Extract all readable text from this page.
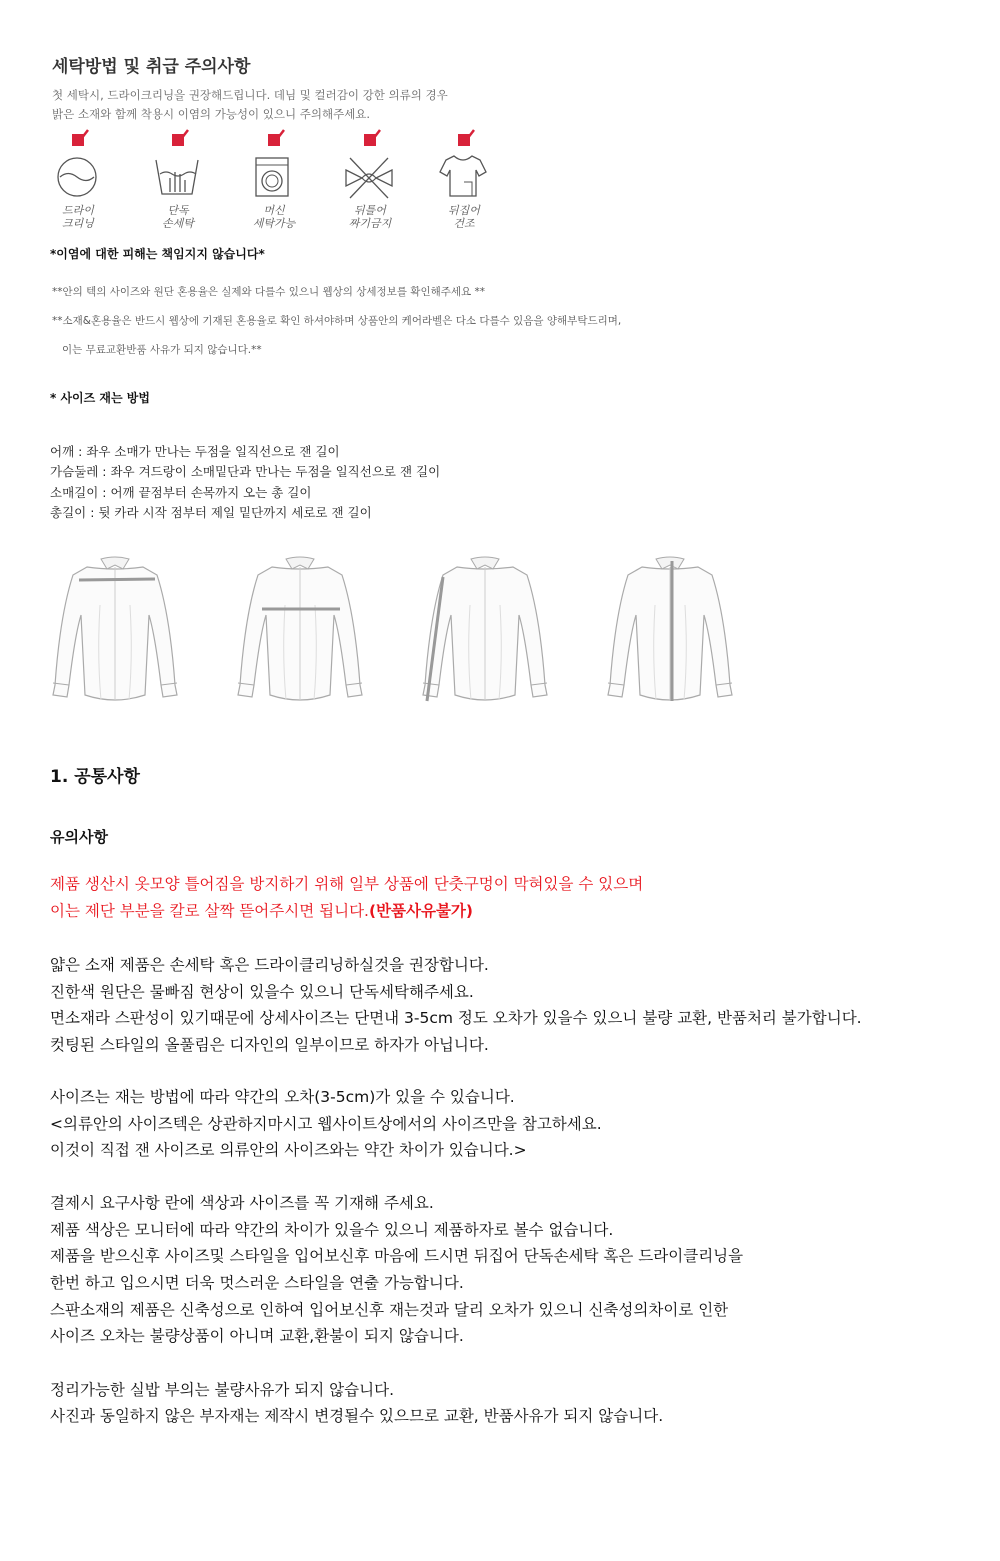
세탁방법 및 취급 주의사항
첫 세탁시, 드라이크리닝을 권장해드립니다. 데님 및 컬러감이 강한 의류의 경우
밝은 소재와 함께 착용시 이염의 가능성이 있으니 주의해주세요.
드라이
크리닝
단독
손세탁
머신
세탁가능
뒤틀어
짜기금지
뒤집어
건조
*이염에 대한 피해는 책임지지 않습니다*
**안의 텍의 사이즈와 원단 혼용율은 실제와 다를수 있으니 웹상의 상세정보를 확인해주세요 **
**소재&혼용율은 반드시 웹상에 기재된 혼용율로 확인 하셔야하며 상품안의 케어라벨은 다소 다를수 있음을 양해부탁드리며,
이는 무료교환반품 사유가 되지 않습니다.**
* 사이즈 재는 방법
어깨 : 좌우 소매가 만나는 두점을 일직선으로 잰 길이
가슴둘레 : 좌우 겨드랑이 소매밑단과 만나는 두점을 일직선으로 잰 길이
소매길이 : 어깨 끝점부터 손목까지 오는 총 길이
총길이 : 뒷 카라 시작 점부터 제일 밑단까지 세로로 잰 길이
1. 공통사항
유의사항
제품 생산시 옷모양 틀어짐을 방지하기 위해 일부 상품에 단춧구멍이 막혀있을 수 있으며
이는 제단 부분을 칼로 살짝 뜯어주시면 됩니다.(반품사유불가)
얇은 소재 제품은 손세탁 혹은 드라이클리닝하실것을 권장합니다.
진한색 원단은 물빠짐 현상이 있을수 있으니 단독세탁해주세요.
면소재라 스판성이 있기때문에 상세사이즈는 단면내 3-5cm 정도 오차가 있을수 있으니 불량 교환, 반품처리 불가합니다.
컷팅된 스타일의 올풀림은 디자인의 일부이므로 하자가 아닙니다.
사이즈는 재는 방법에 따라 약간의 오차(3-5cm)가 있을 수 있습니다.
<의류안의 사이즈텍은 상관하지마시고 웹사이트상에서의 사이즈만을 참고하세요.
이것이 직접 잰 사이즈로 의류안의 사이즈와는 약간 차이가 있습니다.>
결제시 요구사항 란에 색상과 사이즈를 꼭 기재해 주세요.
제품 색상은 모니터에 따라 약간의 차이가 있을수 있으니 제품하자로 볼수 없습니다.
제품을 받으신후 사이즈및 스타일을 입어보신후 마음에 드시면 뒤집어 단독손세탁 혹은 드라이클리닝을
한번 하고 입으시면 더욱 멋스러운 스타일을 연출 가능합니다.
스판소재의 제품은 신축성으로 인하여 입어보신후 재는것과 달리 오차가 있으니 신축성의차이로 인한
사이즈 오차는 불량상품이 아니며 교환,환불이 되지 않습니다.
정리가능한 실밥 부의는 불량사유가 되지 않습니다.
사진과 동일하지 않은 부자재는 제작시 변경될수 있으므로 교환, 반품사유가 되지 않습니다.
